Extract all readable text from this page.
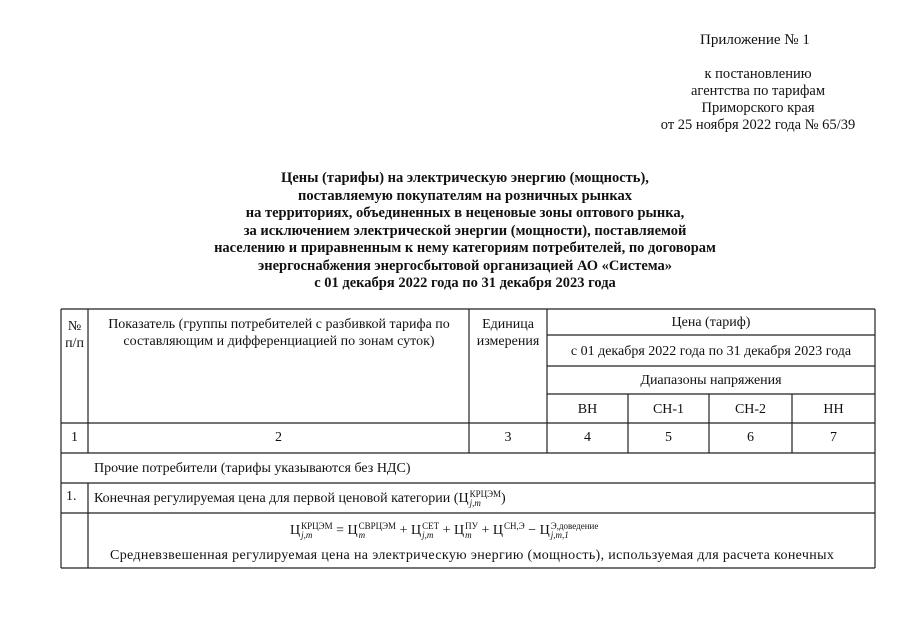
Приложение № 1
к постановлению
агентства по тарифам
Приморского края
от 25 ноября 2022 года № 65/39
Цены (тарифы) на электрическую энергию (мощность),
поставляемую покупателям на розничных рынках
на территориях, объединенных в неценовые зоны оптового рынка,
за исключением электрической энергии (мощности), поставляемой
населению и приравненным к нему категориям потребителей, по договорам
энергоснабжения энергосбытовой организацией АО «Система»
с 01 декабря 2022 года по 31 декабря 2023 года
№ п/п
Показатель (группы потребителей с разбивкой тарифа по составляющим и дифференциацией по зонам суток)
Единица измерения
Цена (тариф)
с 01 декабря 2022 года по 31 декабря 2023 года
Диапазоны напряжения
ВН	СН-1	СН-2	НН
1	2	3	4	5	6	7
Прочие потребители (тарифы указываются без НДС)
1. Конечная регулируемая цена для первой ценовой категории (Ц КРЦЭМ
j,m	)
Ц КРЦЭМ
j,m	= Ц СВРЦЭМ
m	+ Ц СЕТ
j,m + Ц ПУ
m + Ц СН,Э
− Ц Э,доведение
j,m,1
Средневзвешенная регулируемая цена на электрическую энергию (мощность), используемая для расчета конечных
